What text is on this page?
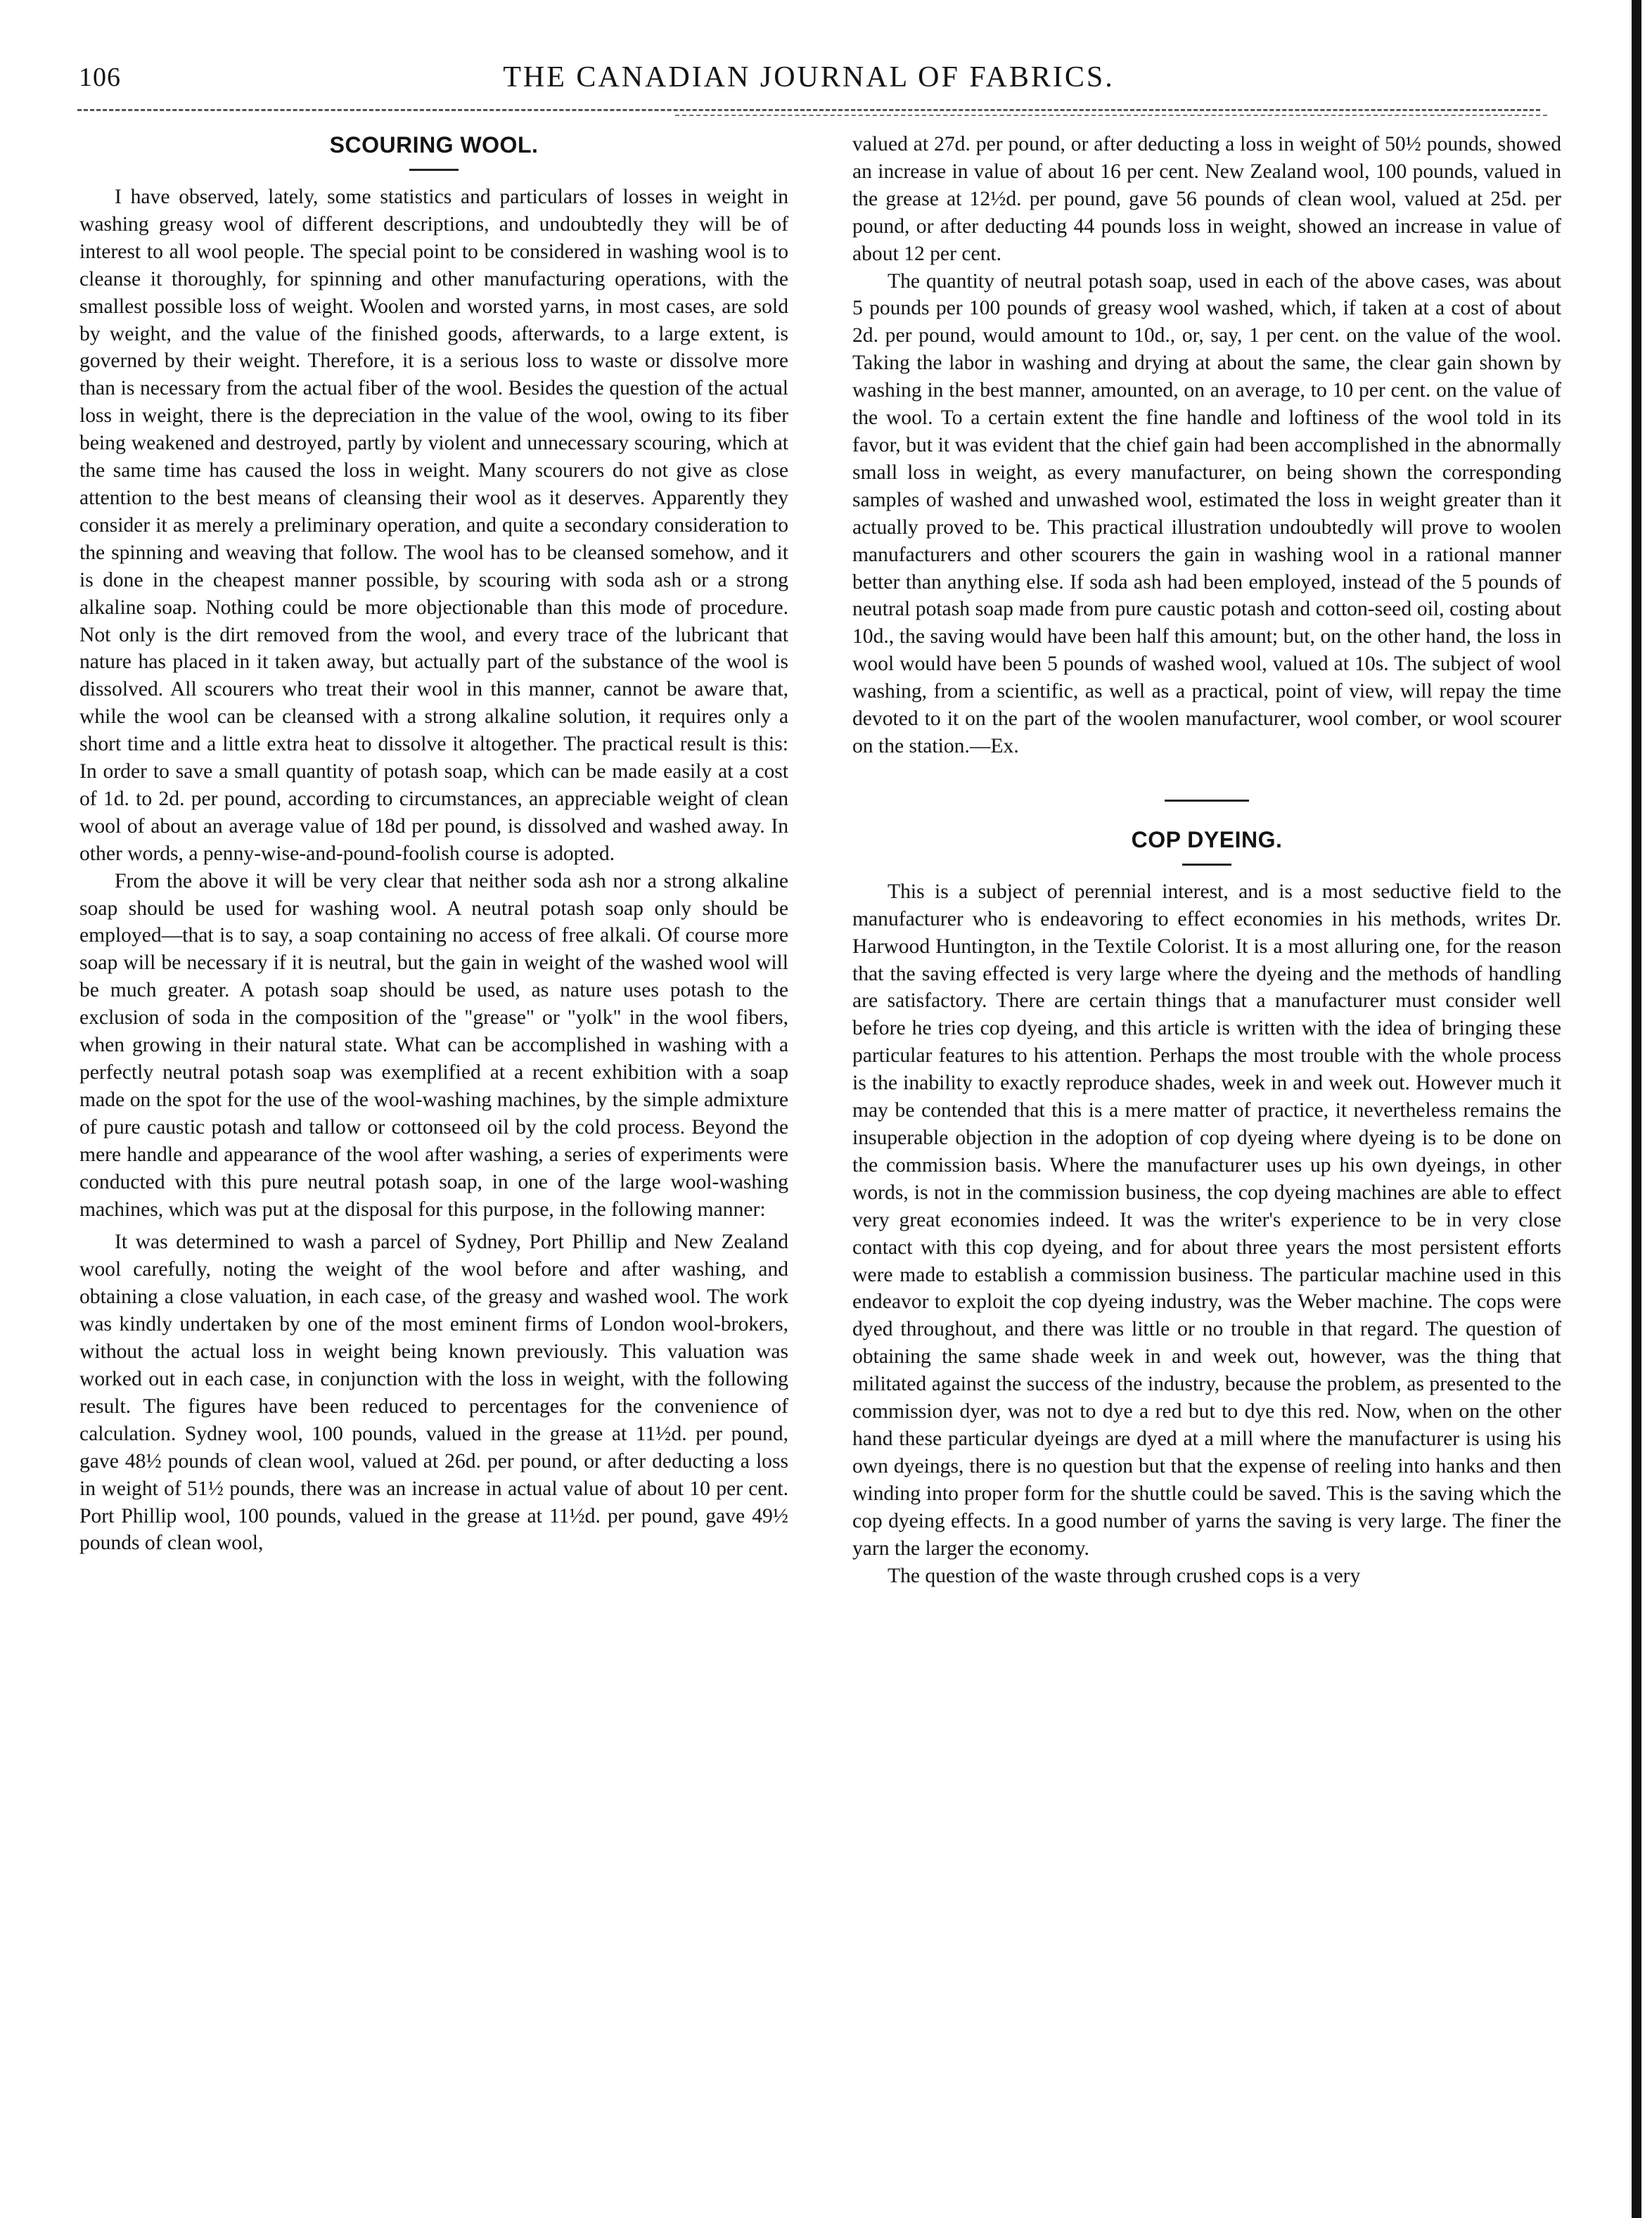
106	THE CANADIAN JOURNAL OF FABRICS.
SCOURING WOOL.

I have observed, lately, some statistics and particulars of losses in weight in washing greasy wool of different descriptions, and undoubtedly they will be of interest to all wool people. The special point to be considered in washing wool is to cleanse it thoroughly, for spinning and other manufacturing operations, with the smallest possible loss of weight. Woolen and worsted yarns, in most cases, are sold by weight, and the value of the finished goods, afterwards, to a large extent, is governed by their weight. Therefore, it is a serious loss to waste or dissolve more than is necessary from the actual fiber of the wool. Besides the question of the actual loss in weight, there is the depreciation in the value of the wool, owing to its fiber being weakened and destroyed, partly by violent and unnecessary scouring, which at the same time has caused the loss in weight. Many scourers do not give as close attention to the best means of cleansing their wool as it deserves. Apparently they consider it as merely a preliminary operation, and quite a secondary consideration to the spinning and weaving that follow. The wool has to be cleansed somehow, and it is done in the cheapest manner possible, by scouring with soda ash or a strong alkaline soap. Nothing could be more objectionable than this mode of procedure. Not only is the dirt removed from the wool, and every trace of the lubricant that nature has placed in it taken away, but actually part of the substance of the wool is dissolved. All scourers who treat their wool in this manner, cannot be aware that, while the wool can be cleansed with a strong alkaline solution, it requires only a short time and a little extra heat to dissolve it altogether. The practical result is this: In order to save a small quantity of potash soap, which can be made easily at a cost of 1d. to 2d. per pound, according to circumstances, an appreciable weight of clean wool of about an average value of 18d per pound, is dissolved and washed away. In other words, a penny-wise-and-pound-foolish course is adopted.

From the above it will be very clear that neither soda ash nor a strong alkaline soap should be used for washing wool. A neutral potash soap only should be employed—that is to say, a soap containing no access of free alkali. Of course more soap will be necessary if it is neutral, but the gain in weight of the washed wool will be much greater. A potash soap should be used, as nature uses potash to the exclusion of soda in the composition of the "grease" or "yolk" in the wool fibers, when growing in their natural state. What can be accomplished in washing with a perfectly neutral potash soap was exemplified at a recent exhibition with a soap made on the spot for the use of the wool-washing machines, by the simple admixture of pure caustic potash and tallow or cottonseed oil by the cold process. Beyond the mere handle and appearance of the wool after washing, a series of experiments were conducted with this pure neutral potash soap, in one of the large wool-washing machines, which was put at the disposal for this purpose, in the following manner:

It was determined to wash a parcel of Sydney, Port Phillip and New Zealand wool carefully, noting the weight of the wool before and after washing, and obtaining a close valuation, in each case, of the greasy and washed wool. The work was kindly undertaken by one of the most eminent firms of London wool-brokers, without the actual loss in weight being known previously. This valuation was worked out in each case, in conjunction with the loss in weight, with the following result. The figures have been reduced to percentages for the convenience of calculation. Sydney wool, 100 pounds, valued in the grease at 11½d. per pound, gave 48½ pounds of clean wool, valued at 26d. per pound, or after deducting a loss in weight of 51½ pounds, there was an increase in actual value of about 10 per cent. Port Phillip wool, 100 pounds, valued in the grease at 11½d. per pound, gave 49½ pounds of clean wool,

valued at 27d. per pound, or after deducting a loss in weight of 50½ pounds, showed an increase in value of about 16 per cent. New Zealand wool, 100 pounds, valued in the grease at 12½d. per pound, gave 56 pounds of clean wool, valued at 25d. per pound, or after deducting 44 pounds loss in weight, showed an increase in value of about 12 per cent.

The quantity of neutral potash soap, used in each of the above cases, was about 5 pounds per 100 pounds of greasy wool washed, which, if taken at a cost of about 2d. per pound, would amount to 10d., or, say, 1 per cent. on the value of the wool. Taking the labor in washing and drying at about the same, the clear gain shown by washing in the best manner, amounted, on an average, to 10 per cent. on the value of the wool. To a certain extent the fine handle and loftiness of the wool told in its favor, but it was evident that the chief gain had been accomplished in the abnormally small loss in weight, as every manufacturer, on being shown the corresponding samples of washed and unwashed wool, estimated the loss in weight greater than it actually proved to be. This practical illustration undoubtedly will prove to woolen manufacturers and other scourers the gain in washing wool in a rational manner better than anything else. If soda ash had been employed, instead of the 5 pounds of neutral potash soap made from pure caustic potash and cotton-seed oil, costing about 10d., the saving would have been half this amount; but, on the other hand, the loss in wool would have been 5 pounds of washed wool, valued at 10s. The subject of wool washing, from a scientific, as well as a practical, point of view, will repay the time devoted to it on the part of the woolen manufacturer, wool comber, or wool scourer on the station.—Ex.

COP DYEING.

This is a subject of perennial interest, and is a most seductive field to the manufacturer who is endeavoring to effect economies in his methods, writes Dr. Harwood Huntington, in the Textile Colorist. It is a most alluring one, for the reason that the saving effected is very large where the dyeing and the methods of handling are satisfactory. There are certain things that a manufacturer must consider well before he tries cop dyeing, and this article is written with the idea of bringing these particular features to his attention. Perhaps the most trouble with the whole process is the inability to exactly reproduce shades, week in and week out. However much it may be contended that this is a mere matter of practice, it nevertheless remains the insuperable objection in the adoption of cop dyeing where dyeing is to be done on the commission basis. Where the manufacturer uses up his own dyeings, in other words, is not in the commission business, the cop dyeing machines are able to effect very great economies indeed. It was the writer's experience to be in very close contact with this cop dyeing, and for about three years the most persistent efforts were made to establish a commission business. The particular machine used in this endeavor to exploit the cop dyeing industry, was the Weber machine. The cops were dyed throughout, and there was little or no trouble in that regard. The question of obtaining the same shade week in and week out, however, was the thing that militated against the success of the industry, because the problem, as presented to the commission dyer, was not to dye a red but to dye this red. Now, when on the other hand these particular dyeings are dyed at a mill where the manufacturer is using his own dyeings, there is no question but that the expense of reeling into hanks and then winding into proper form for the shuttle could be saved. This is the saving which the cop dyeing effects. In a good number of yarns the saving is very large. The finer the yarn the larger the economy.

The question of the waste through crushed cops is a very
